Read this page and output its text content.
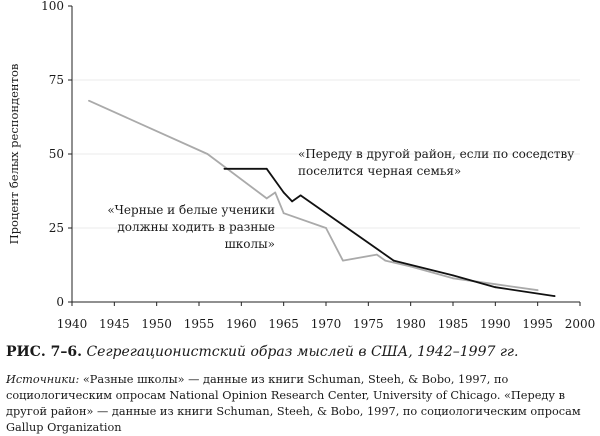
0
25
50
75
100
1940 1945 1950 1955 1960 1965 1970 1975 1980 1985 1990 1995 2000
Процент белых респондентов	«Черные и белые ученики должны ходить в разные школы»
«Переду в другой район, если по соседству поселится черная семья»
РИС. 7–6. Сегрегационистский образ мыслей в США, 1942–1997 гг.
Источники: «Разные школы» — данные из книги Schuman, Steeh, & Bobo, 1997, по социологическим опросам National Opinion Research Center, University of Chicago. «Переду в другой район» — данные из книги Schuman, Steeh, & Bobo, 1997, по социологическим опросам Gallup Organization
